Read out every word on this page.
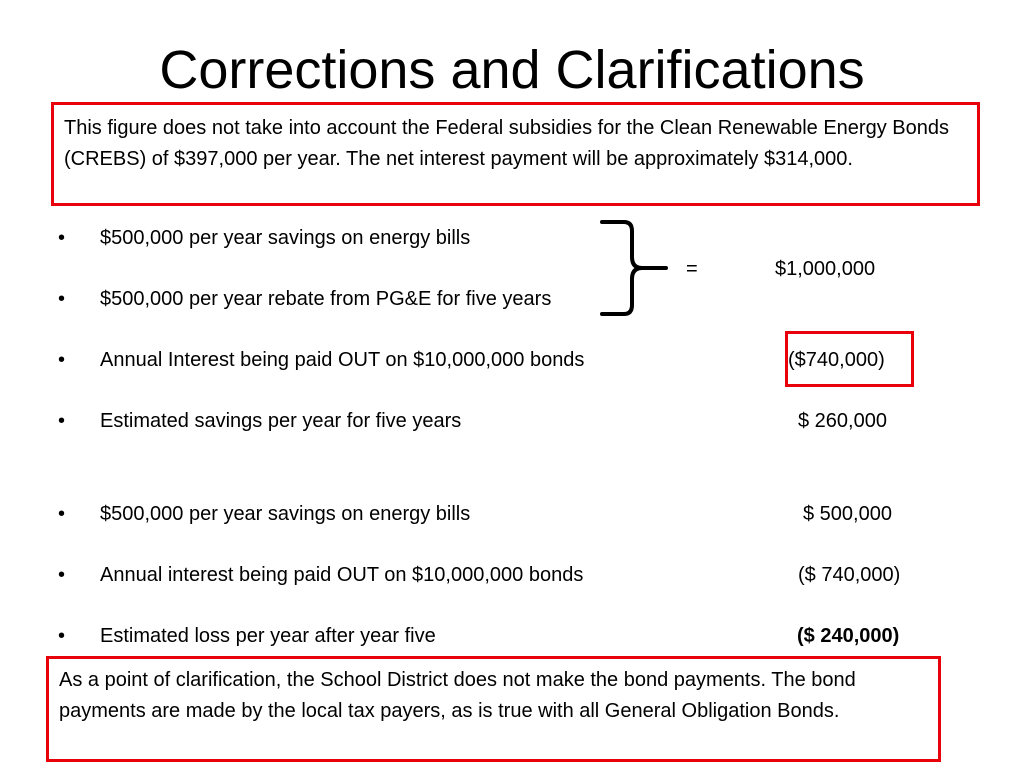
Corrections and Clarifications
This figure does not take into account the Federal subsidies for the Clean Renewable Energy Bonds (CREBS) of $397,000 per year. The net interest payment will be approximately $314,000.
• $500,000 per year savings on energy bills
=	$1,000,000
• $500,000 per year rebate from PG&E for five years
• Annual Interest being paid OUT on $10,000,000 bonds	($740,000)
• Estimated savings per year for five years	$ 260,000
• $500,000 per year savings on energy bills	$ 500,000
• Annual interest being paid OUT on $10,000,000 bonds	($ 740,000)
• Estimated loss per year after year five	($ 240,000)
As a point of clarification, the School District does not make the bond payments. The bond payments are made by the local tax payers, as is true with all General Obligation Bonds.
